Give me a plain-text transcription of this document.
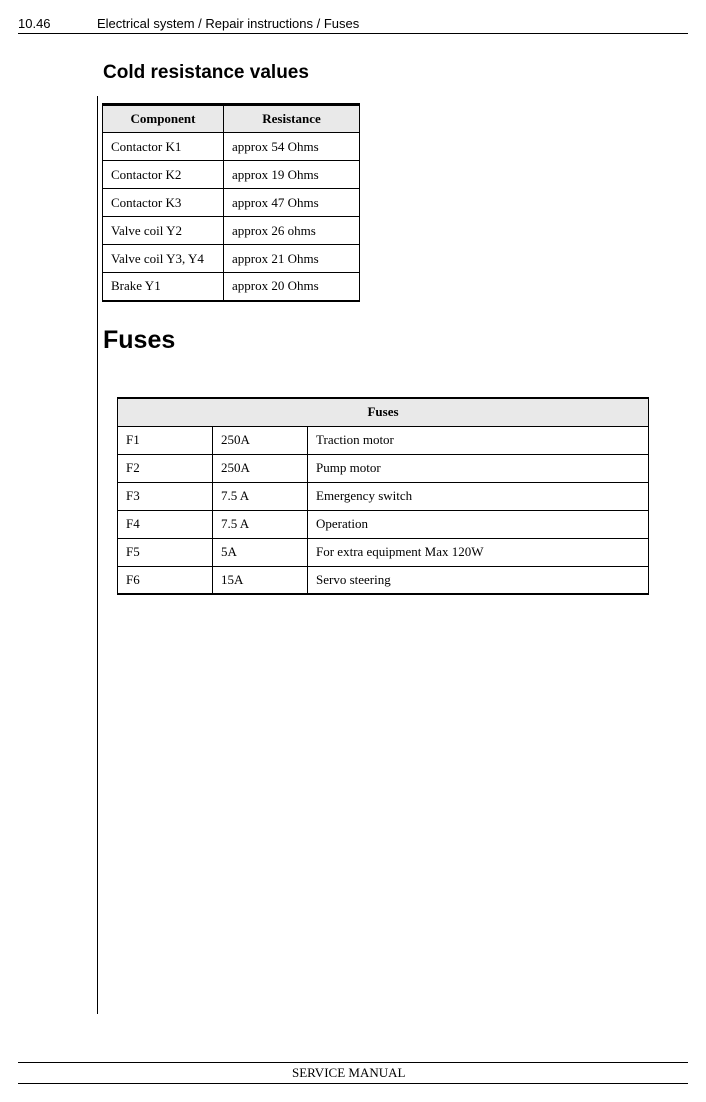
10.46	Electrical system / Repair instructions / Fuses
Cold resistance values
Component	Resistance
Contactor K1	approx 54 Ohms
Contactor K2	approx 19 Ohms
Contactor K3	approx 47 Ohms
Valve coil Y2	approx 26 ohms
Valve coil Y3, Y4	approx 21 Ohms
Brake Y1	approx 20 Ohms
Fuses
Fuses		
F1	250A	Traction motor
F2	250A	Pump motor
F3	7.5 A	Emergency switch
F4	7.5 A	Operation
F5	5A	For extra equipment Max 120W
F6	15A	Servo steering
SERVICE MANUAL
